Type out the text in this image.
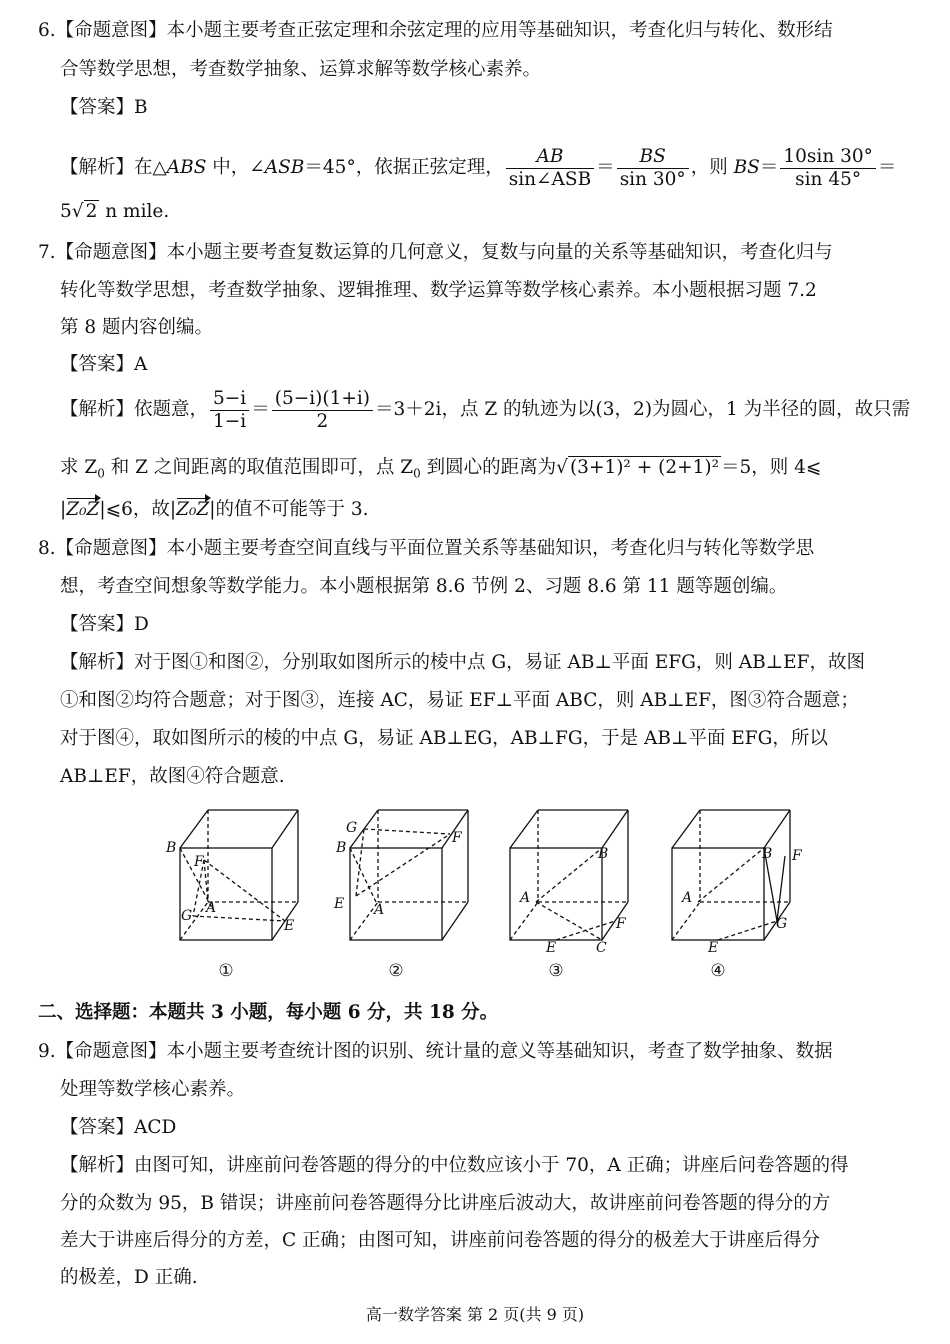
6.【命题意图】本小题主要考查正弦定理和余弦定理的应用等基础知识，考查化归与转化、数形结
合等数学思想，考查数学抽象、运算求解等数学核心素养。
【答案】B
【解析】在△ABS 中，∠ASB＝45°，依据正弦定理， $\frac{AB}{\text{sin∠ASB}} = \frac{BS}{\sin 30^\circ}$ ，则 $BS= \frac{10\sin 30^\circ}{\sin 45^\circ}$ ＝
5√ 2 n mile.
7.【命题意图】本小题主要考查复数运算的几何意义，复数与向量的关系等基础知识，考查化归与
转化等数学思想，考查数学抽象、逻辑推理、数学运算等数学核心素养。本小题根据习题 7.2
第 8 题内容创编。
【答案】A
【解析】依题意， $\frac{5-i}{1-i} = \frac{(5-i)(1+i)}{2} =3+2i$，点 Z 的轨迹为以(3，2)为圆心，1 为半径的圆，故只需
求 $Z_0$ 和 Z 之间距离的取值范围即可，点 $Z_0$ 到圆心的距离为√ (3+1)² + (2+1)² ＝5，则 4⩽
|Z₀Z|⩽6，故|Z₀Z|的值不可能等于 3.
8.【命题意图】本小题主要考查空间直线与平面位置关系等基础知识，考查化归与转化等数学思
想，考查空间想象等数学能力。本小题根据第 8.6 节例 2、习题 8.6 第 11 题等题创编。
【答案】D
【解析】对于图①和图②，分别取如图所示的棱中点 G，易证 AB⊥平面 EFG，则 AB⊥EF，故图
①和图②均符合题意；对于图③，连接 AC，易证 EF⊥平面 ABC，则 AB⊥EF，图③符合题意；
对于图④，取如图所示的棱的中点 G，易证 AB⊥EG，AB⊥FG，于是 AB⊥平面 EFG，所以
AB⊥EF，故图④符合题意.
B
F
A
G
E
G
B
F
E A
B
A
F
E	C
B F
A
G
E
①	②	③	④
二、选择题：本题共 3 小题，每小题 6 分，共 18 分。
9.【命题意图】本小题主要考查统计图的识别、统计量的意义等基础知识，考查了数学抽象、数据
处理等数学核心素养。
【答案】ACD
【解析】由图可知，讲座前问卷答题的得分的中位数应该小于 70，A 正确；讲座后问卷答题的得
分的众数为 95，B 错误；讲座前问卷答题得分比讲座后波动大，故讲座前问卷答题的得分的方
差大于讲座后得分的方差，C 正确；由图可知，讲座前问卷答题的得分的极差大于讲座后得分
的极差，D 正确.
高一数学答案 第 2 页(共 9 页)
